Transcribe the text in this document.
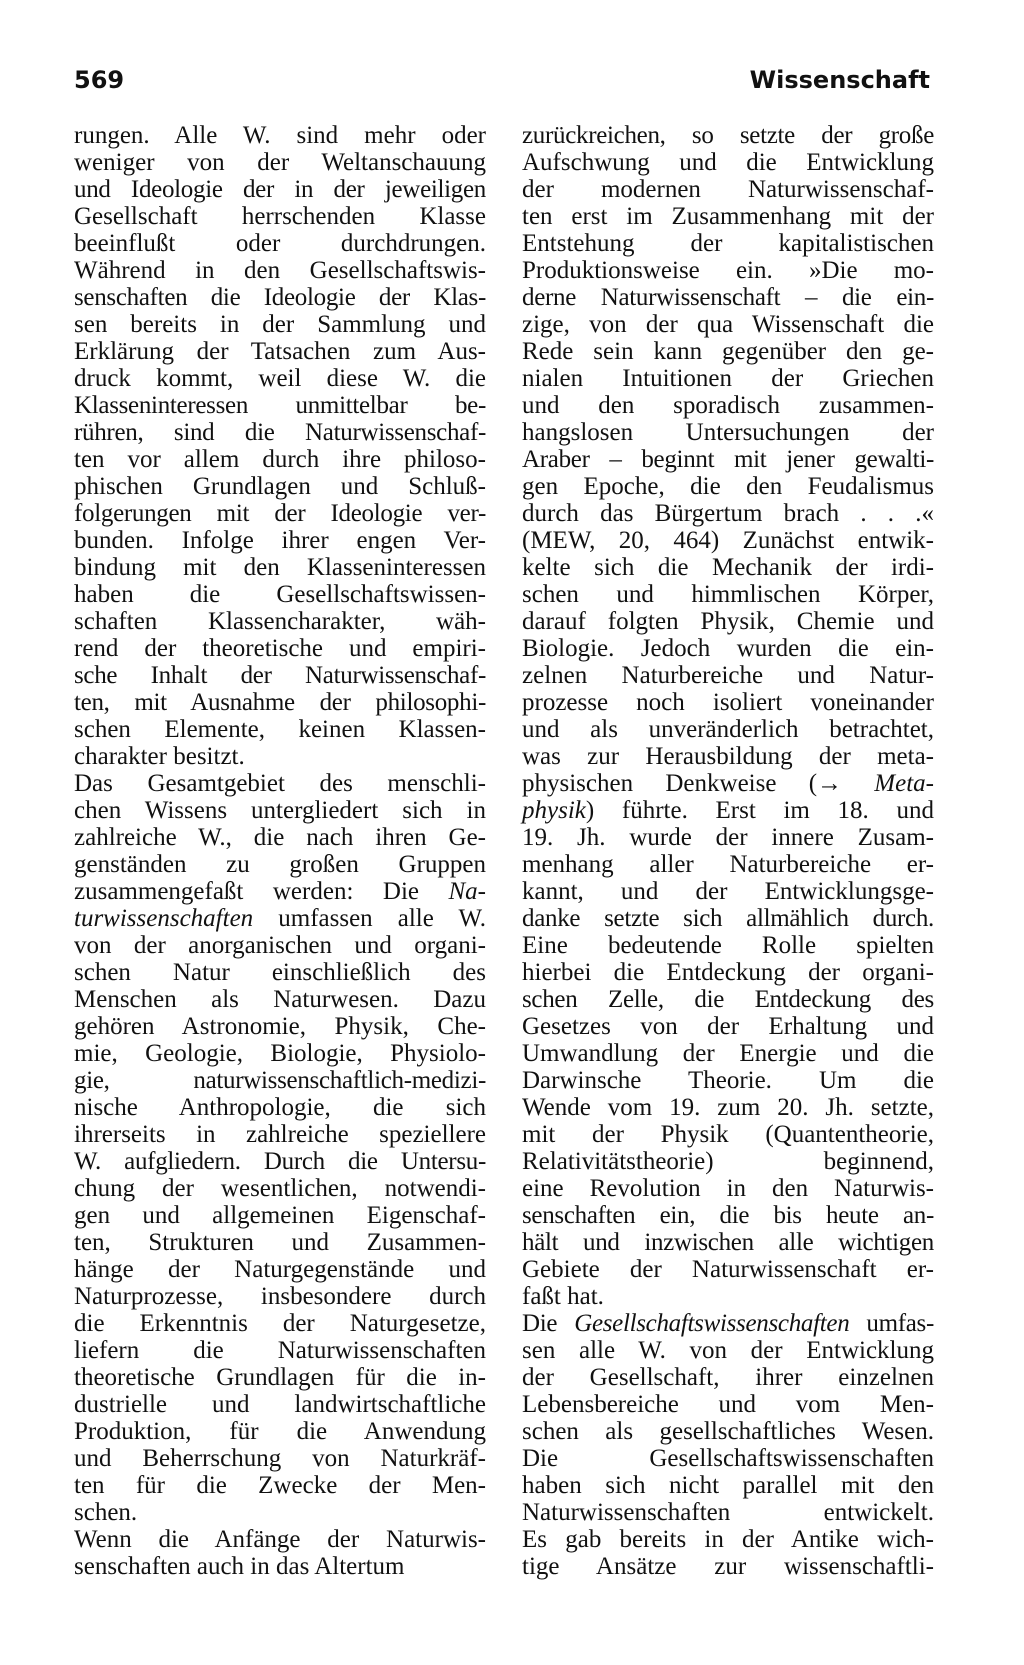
569	Wissenschaft
rungen. Alle W. sind mehr oder
weniger von der Weltanschauung
und Ideologie der in der jeweiligen
Gesellschaft herrschenden Klasse
beeinflußt oder durchdrungen.
Während in den Gesellschaftswis-
senschaften die Ideologie der Klas-
sen bereits in der Sammlung und
Erklärung der Tatsachen zum Aus-
druck kommt, weil diese W. die
Klasseninteressen unmittelbar be-
rühren, sind die Naturwissenschaf-
ten vor allem durch ihre philoso-
phischen Grundlagen und Schluß-
folgerungen mit der Ideologie ver-
bunden. Infolge ihrer engen Ver-
bindung mit den Klasseninteressen
haben die Gesellschaftswissen-
schaften Klassencharakter, wäh-
rend der theoretische und empiri-
sche Inhalt der Naturwissenschaf-
ten, mit Ausnahme der philosophi-
schen Elemente, keinen Klassen-
charakter besitzt.
Das Gesamtgebiet des menschli-
chen Wissens untergliedert sich in
zahlreiche W., die nach ihren Ge-
genständen zu großen Gruppen
zusammengefaßt werden: Die Na-
turwissenschaften umfassen alle W.
von der anorganischen und organi-
schen Natur einschließlich des
Menschen als Naturwesen. Dazu
gehören Astronomie, Physik, Che-
mie, Geologie, Biologie, Physiolo-
gie, naturwissenschaftlich-medizi-
nische Anthropologie, die sich
ihrerseits in zahlreiche speziellere
W. aufgliedern. Durch die Untersu-
chung der wesentlichen, notwendi-
gen und allgemeinen Eigenschaf-
ten, Strukturen und Zusammen-
hänge der Naturgegenstände und
Naturprozesse, insbesondere durch
die Erkenntnis der Naturgesetze,
liefern die Naturwissenschaften
theoretische Grundlagen für die in-
dustrielle und landwirtschaftliche
Produktion, für die Anwendung
und Beherrschung von Naturkräf-
ten für die Zwecke der Men-
schen.
Wenn die Anfänge der Naturwis-
senschaften auch in das Altertum
zurückreichen, so setzte der große
Aufschwung und die Entwicklung
der modernen Naturwissenschaf-
ten erst im Zusammenhang mit der
Entstehung der kapitalistischen
Produktionsweise ein. »Die mo-
derne Naturwissenschaft – die ein-
zige, von der qua Wissenschaft die
Rede sein kann gegenüber den ge-
nialen Intuitionen der Griechen
und den sporadisch zusammen-
hangslosen Untersuchungen der
Araber – beginnt mit jener gewalti-
gen Epoche, die den Feudalismus
durch das Bürgertum brach . . .«
(MEW, 20, 464) Zunächst entwik-
kelte sich die Mechanik der irdi-
schen und himmlischen Körper,
darauf folgten Physik, Chemie und
Biologie. Jedoch wurden die ein-
zelnen Naturbereiche und Natur-
prozesse noch isoliert voneinander
und als unveränderlich betrachtet,
was zur Herausbildung der meta-
physischen Denkweise (→ Meta-
physik) führte. Erst im 18. und
19. Jh. wurde der innere Zusam-
menhang aller Naturbereiche er-
kannt, und der Entwicklungsge-
danke setzte sich allmählich durch.
Eine bedeutende Rolle spielten
hierbei die Entdeckung der organi-
schen Zelle, die Entdeckung des
Gesetzes von der Erhaltung und
Umwandlung der Energie und die
Darwinsche Theorie. Um die
Wende vom 19. zum 20. Jh. setzte,
mit der Physik (Quantentheorie,
Relativitätstheorie) beginnend,
eine Revolution in den Naturwis-
senschaften ein, die bis heute an-
hält und inzwischen alle wichtigen
Gebiete der Naturwissenschaft er-
faßt hat.
Die Gesellschaftswissenschaften umfas-
sen alle W. von der Entwicklung
der Gesellschaft, ihrer einzelnen
Lebensbereiche und vom Men-
schen als gesellschaftliches Wesen.
Die Gesellschaftswissenschaften
haben sich nicht parallel mit den
Naturwissenschaften entwickelt.
Es gab bereits in der Antike wich-
tige Ansätze zur wissenschaftli-
